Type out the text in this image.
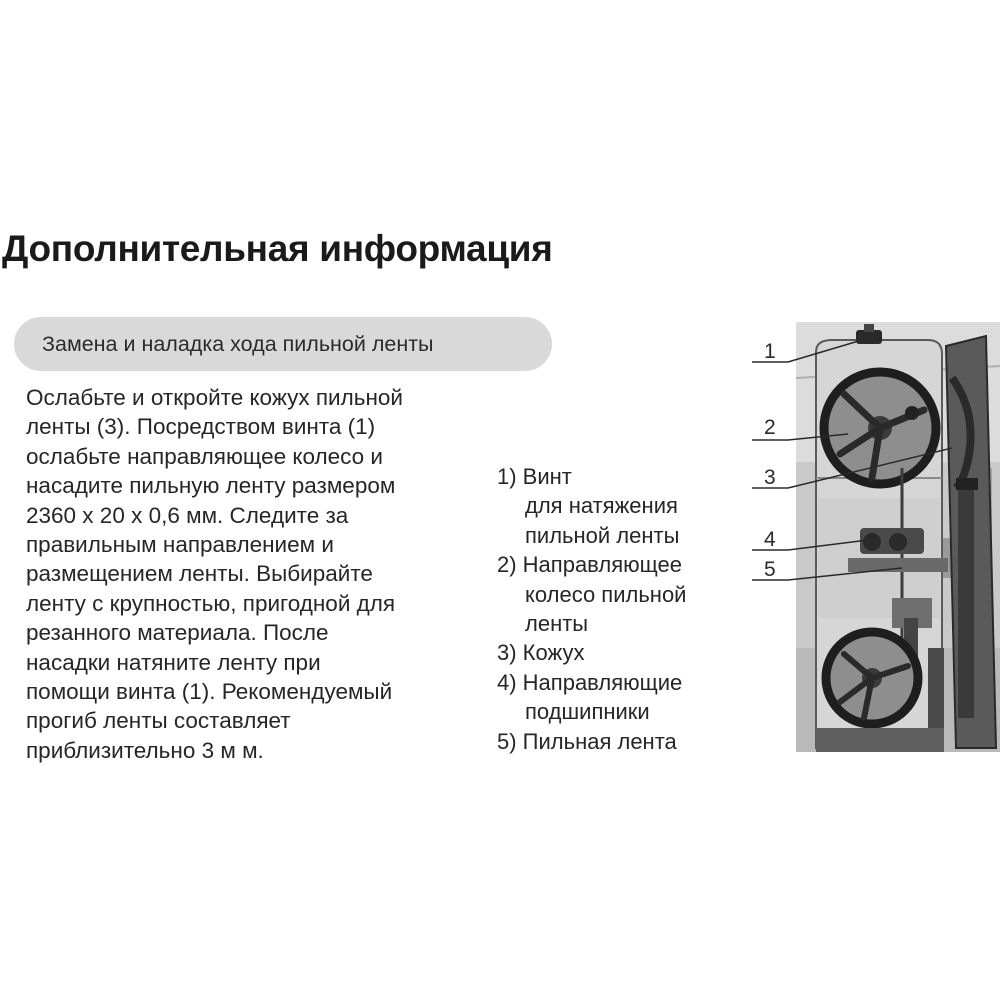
Дополнительная информация
Замена и наладка хода пильной ленты
Ослабьте и откройте кожух пильной
ленты (3). Посредством винта (1)
ослабьте направляющее колесо и
насадите пильную ленту размером
2360 x 20 x 0,6 мм. Следите за
правильным направлением и
размещением ленты. Выбирайте
ленту с крупностью, пригодной для
резанного материала. После
насадки натяните ленту при
помощи винта (1). Рекомендуемый
прогиб ленты составляет
приблизительно 3 м м.
1) Винт
для натяжения
пильной ленты
2) Направляющее
колесо пильной
ленты
3) Кожух
4) Направляющие
подшипники
5) Пильная лента
1
2
3
4
5
